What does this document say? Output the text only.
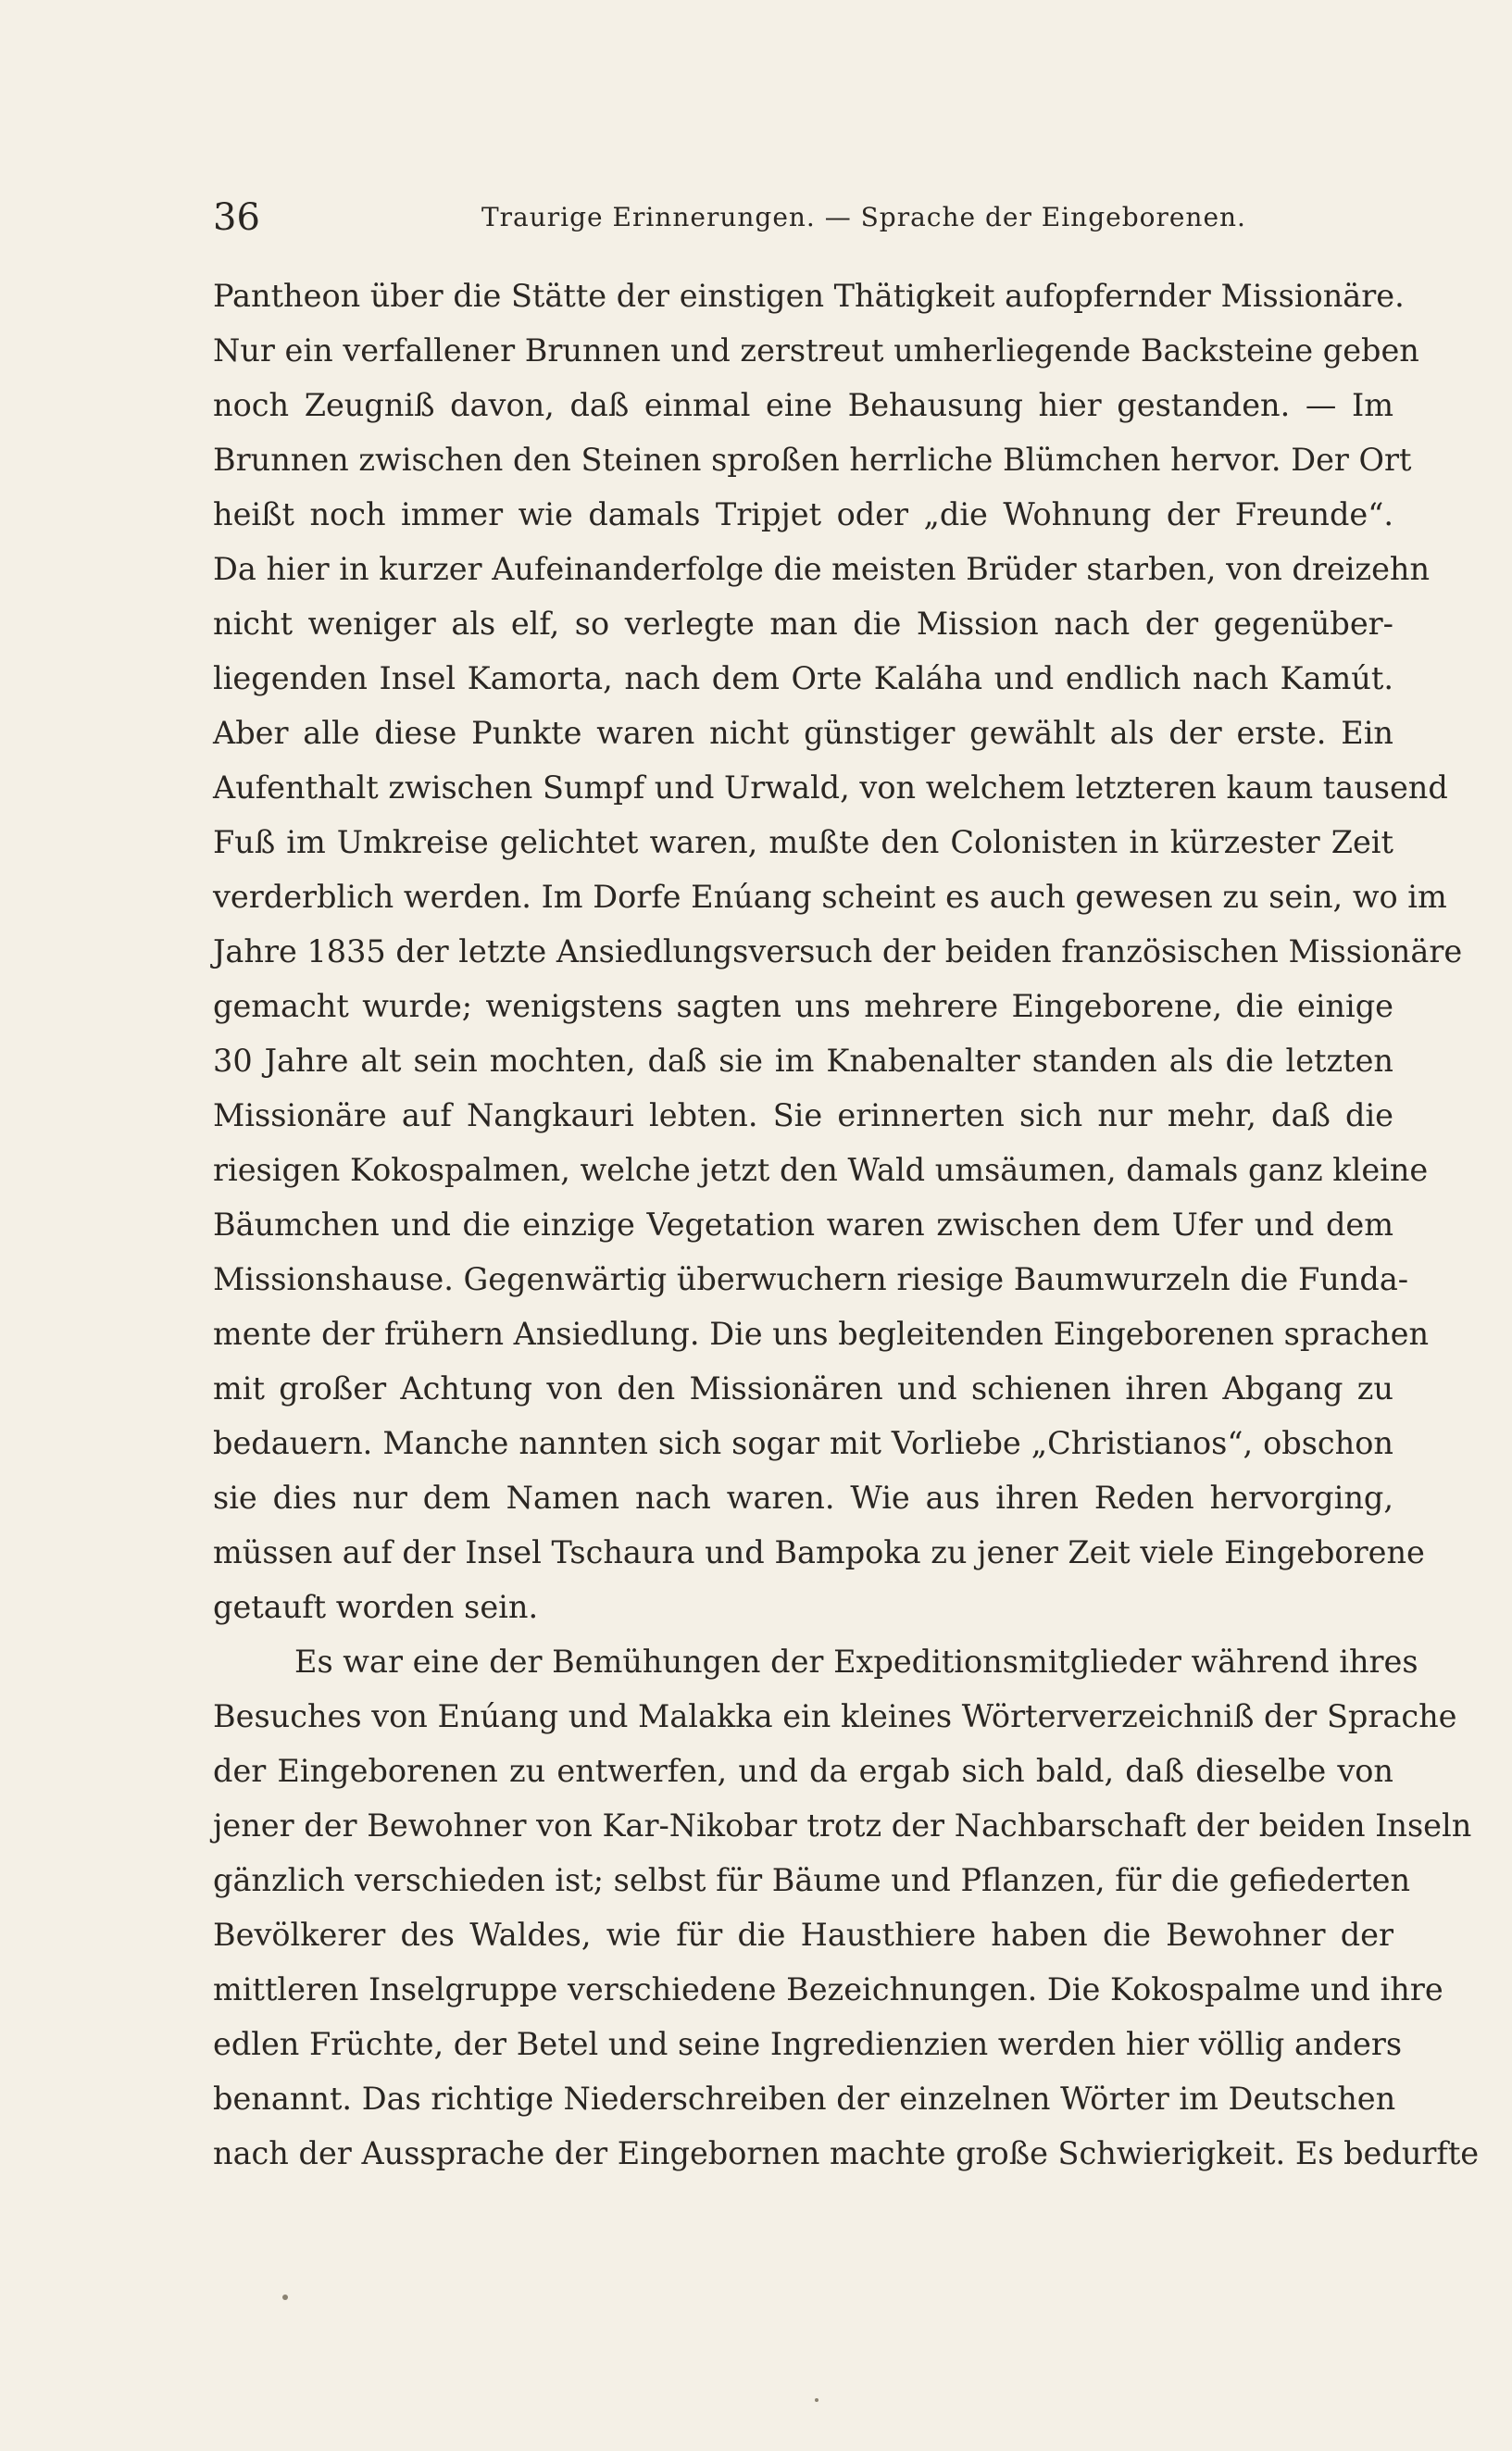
36	Traurige Erinnerungen. — Sprache der Eingeborenen.

Pantheon über die Stätte der einstigen Thätigkeit aufopfernder Missionäre.
Nur ein verfallener Brunnen und zerstreut umherliegende Backsteine geben
noch Zeugniß davon, daß einmal eine Behausung hier gestanden. — Im
Brunnen zwischen den Steinen sproßen herrliche Blümchen hervor. Der Ort
heißt noch immer wie damals Tripjet oder „die Wohnung der Freunde“.
Da hier in kurzer Aufeinanderfolge die meisten Brüder starben, von dreizehn
nicht weniger als elf, so verlegte man die Mission nach der gegenüber-
liegenden Insel Kamorta, nach dem Orte Kaláha und endlich nach Kamút.
Aber alle diese Punkte waren nicht günstiger gewählt als der erste. Ein
Aufenthalt zwischen Sumpf und Urwald, von welchem letzteren kaum tausend
Fuß im Umkreise gelichtet waren, mußte den Colonisten in kürzester Zeit
verderblich werden. Im Dorfe Enúang scheint es auch gewesen zu sein, wo im
Jahre 1835 der letzte Ansiedlungsversuch der beiden französischen Missionäre
gemacht wurde; wenigstens sagten uns mehrere Eingeborene, die einige
30 Jahre alt sein mochten, daß sie im Knabenalter standen als die letzten
Missionäre auf Nangkauri lebten. Sie erinnerten sich nur mehr, daß die
riesigen Kokospalmen, welche jetzt den Wald umsäumen, damals ganz kleine
Bäumchen und die einzige Vegetation waren zwischen dem Ufer und dem
Missionshause. Gegenwärtig überwuchern riesige Baumwurzeln die Funda-
mente der frühern Ansiedlung. Die uns begleitenden Eingeborenen sprachen
mit großer Achtung von den Missionären und schienen ihren Abgang zu
bedauern. Manche nannten sich sogar mit Vorliebe „Christianos“, obschon
sie dies nur dem Namen nach waren. Wie aus ihren Reden hervorging,
müssen auf der Insel Tschaura und Bampoka zu jener Zeit viele Eingeborene
getauft worden sein.

Es war eine der Bemühungen der Expeditionsmitglieder während ihres
Besuches von Enúang und Malakka ein kleines Wörterverzeichniß der Sprache
der Eingeborenen zu entwerfen, und da ergab sich bald, daß dieselbe von
jener der Bewohner von Kar-Nikobar trotz der Nachbarschaft der beiden Inseln
gänzlich verschieden ist; selbst für Bäume und Pflanzen, für die gefiederten
Bevölkerer des Waldes, wie für die Hausthiere haben die Bewohner der
mittleren Inselgruppe verschiedene Bezeichnungen. Die Kokospalme und ihre
edlen Früchte, der Betel und seine Ingredienzien werden hier völlig anders
benannt. Das richtige Niederschreiben der einzelnen Wörter im Deutschen
nach der Aussprache der Eingebornen machte große Schwierigkeit. Es bedurfte
